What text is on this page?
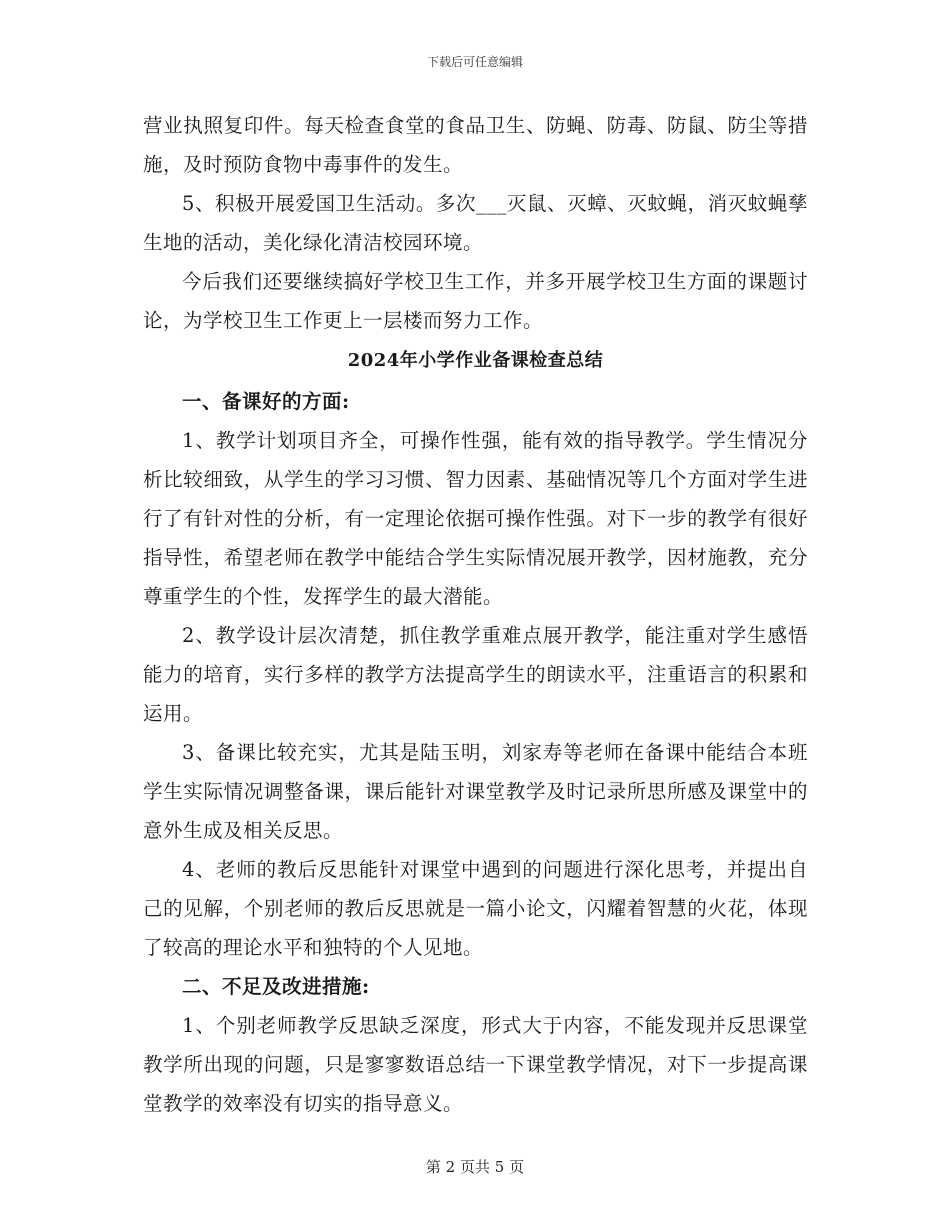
下载后可任意编辑

营业执照复印件。每天检查食堂的食品卫生、防蝇、防毒、防鼠、防尘等措施，及时预防食物中毒事件的发生。

5、积极开展爱国卫生活动。多次___灭鼠、灭蟑、灭蚊蝇，消灭蚊蝇孳生地的活动，美化绿化清洁校园环境。

今后我们还要继续搞好学校卫生工作，并多开展学校卫生方面的课题讨论，为学校卫生工作更上一层楼而努力工作。

2024年小学作业备课检查总结
一、备课好的方面:

1、教学计划项目齐全，可操作性强，能有效的指导教学。学生情况分析比较细致，从学生的学习习惯、智力因素、基础情况等几个方面对学生进行了有针对性的分析，有一定理论依据可操作性强。对下一步的教学有很好指导性，希望老师在教学中能结合学生实际情况展开教学，因材施教，充分尊重学生的个性，发挥学生的最大潜能。

2、教学设计层次清楚，抓住教学重难点展开教学，能注重对学生感悟能力的培育，实行多样的教学方法提高学生的朗读水平，注重语言的积累和运用。

3、备课比较充实，尤其是陆玉明，刘家寿等老师在备课中能结合本班学生实际情况调整备课，课后能针对课堂教学及时记录所思所感及课堂中的意外生成及相关反思。

4、老师的教后反思能针对课堂中遇到的问题进行深化思考，并提出自己的见解，个别老师的教后反思就是一篇小论文，闪耀着智慧的火花，体现了较高的理论水平和独特的个人见地。

二、不足及改进措施:

1、个别老师教学反思缺乏深度，形式大于内容，不能发现并反思课堂教学所出现的问题，只是寥寥数语总结一下课堂教学情况，对下一步提高课堂教学的效率没有切实的指导意义。

第 2 页共 5 页
